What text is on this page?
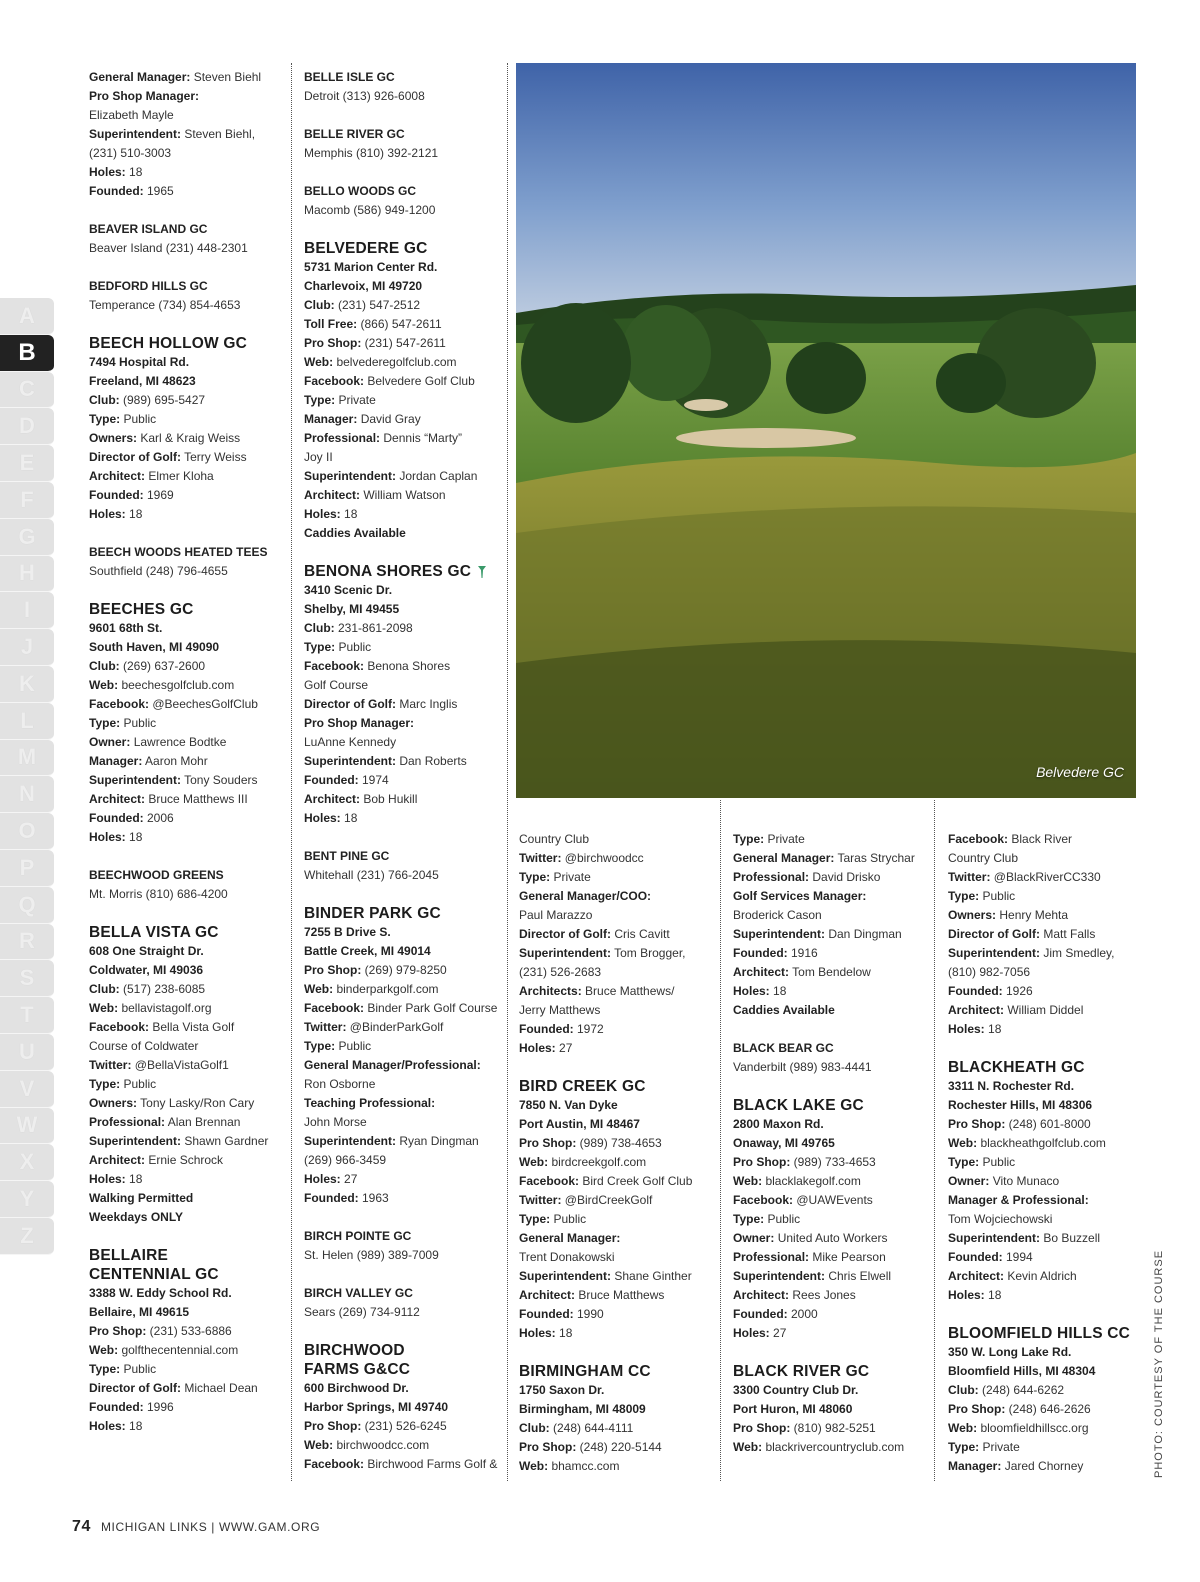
A
B
C
D
E
F
G
H
I
J
K
L
M
N
O
P
Q
R
S
T
U
V
W
X
Y
Z
General Manager: Steven Biehl
Pro Shop Manager:
Elizabeth Mayle
Superintendent: Steven Biehl,
(231) 510-3003
Holes: 18
Founded: 1965
BEAVER ISLAND GC
Beaver Island (231) 448-2301
BEDFORD HILLS GC
Temperance (734) 854-4653
BEECH HOLLOW GC
7494 Hospital Rd.
Freeland, MI 48623
Club: (989) 695-5427
Type: Public
Owners: Karl & Kraig Weiss
Director of Golf: Terry Weiss
Architect: Elmer Kloha
Founded: 1969
Holes: 18
BEECH WOODS HEATED TEES
Southfield (248) 796-4655
BEECHES GC
9601 68th St.
South Haven, MI 49090
Club: (269) 637-2600
Web: beechesgolfclub.com
Facebook: @BeechesGolfClub
Type: Public
Owner: Lawrence Bodtke
Manager: Aaron Mohr
Superintendent: Tony Souders
Architect: Bruce Matthews III
Founded: 2006
Holes: 18
BEECHWOOD GREENS
Mt. Morris (810) 686-4200
BELLA VISTA GC
608 One Straight Dr.
Coldwater, MI 49036
Club: (517) 238-6085
Web: bellavistagolf.org
Facebook: Bella Vista Golf
Course of Coldwater
Twitter: @BellaVistaGolf1
Type: Public
Owners: Tony Lasky/Ron Cary
Professional: Alan Brennan
Superintendent: Shawn Gardner
Architect: Ernie Schrock
Holes: 18
Walking Permitted
Weekdays ONLY
BELLAIRE
CENTENNIAL GC
3388 W. Eddy School Rd.
Bellaire, MI 49615
Pro Shop: (231) 533-6886
Web: golfthecentennial.com
Type: Public
Director of Golf: Michael Dean
Founded: 1996
Holes: 18
BELLE ISLE GC
Detroit (313) 926-6008
BELLE RIVER GC
Memphis (810) 392-2121
BELLO WOODS GC
Macomb (586) 949-1200
BELVEDERE GC
5731 Marion Center Rd.
Charlevoix, MI 49720
Club: (231) 547-2512
Toll Free: (866) 547-2611
Pro Shop: (231) 547-2611
Web: belvederegolfclub.com
Facebook: Belvedere Golf Club
Type: Private
Manager: David Gray
Professional: Dennis “Marty”
Joy II
Superintendent: Jordan Caplan
Architect: William Watson
Holes: 18
Caddies Available
BENONA SHORES GC
3410 Scenic Dr.
Shelby, MI 49455
Club: 231-861-2098
Type: Public
Facebook: Benona Shores
Golf Course
Director of Golf: Marc Inglis
Pro Shop Manager:
LuAnne Kennedy
Superintendent: Dan Roberts
Founded: 1974
Architect: Bob Hukill
Holes: 18
BENT PINE GC
Whitehall (231) 766-2045
BINDER PARK GC
7255 B Drive S.
Battle Creek, MI 49014
Pro Shop: (269) 979-8250
Web: binderparkgolf.com
Facebook: Binder Park Golf Course
Twitter: @BinderParkGolf
Type: Public
General Manager/Professional:
Ron Osborne
Teaching Professional:
John Morse
Superintendent: Ryan Dingman
(269) 966-3459
Holes: 27
Founded: 1963
BIRCH POINTE GC
St. Helen (989) 389-7009
BIRCH VALLEY GC
Sears (269) 734-9112
BIRCHWOOD
FARMS G&CC
600 Birchwood Dr.
Harbor Springs, MI 49740
Pro Shop: (231) 526-6245
Web: birchwoodcc.com
Facebook: Birchwood Farms Golf &
Country Club
Twitter: @birchwoodcc
Type: Private
General Manager/COO:
Paul Marazzo
Director of Golf: Cris Cavitt
Superintendent: Tom Brogger,
(231) 526-2683
Architects: Bruce Matthews/
Jerry Matthews
Founded: 1972
Holes: 27
BIRD CREEK GC
7850 N. Van Dyke
Port Austin, MI 48467
Pro Shop: (989) 738-4653
Web: birdcreekgolf.com
Facebook: Bird Creek Golf Club
Twitter: @BirdCreekGolf
Type: Public
General Manager:
Trent Donakowski
Superintendent: Shane Ginther
Architect: Bruce Matthews
Founded: 1990
Holes: 18
BIRMINGHAM CC
1750 Saxon Dr.
Birmingham, MI 48009
Club: (248) 644-4111
Pro Shop: (248) 220-5144
Web: bhamcc.com
Type: Private
General Manager: Taras Strychar
Professional: David Drisko
Golf Services Manager:
Broderick Cason
Superintendent: Dan Dingman
Founded: 1916
Architect: Tom Bendelow
Holes: 18
Caddies Available
BLACK BEAR GC
Vanderbilt (989) 983-4441
BLACK LAKE GC
2800 Maxon Rd.
Onaway, MI 49765
Pro Shop: (989) 733-4653
Web: blacklakegolf.com
Facebook: @UAWEvents
Type: Public
Owner: United Auto Workers
Professional: Mike Pearson
Superintendent: Chris Elwell
Architect: Rees Jones
Founded: 2000
Holes: 27
BLACK RIVER GC
3300 Country Club Dr.
Port Huron, MI 48060
Pro Shop: (810) 982-5251
Web: blackrivercountryclub.com
Facebook: Black River
Country Club
Twitter: @BlackRiverCC330
Type: Public
Owners: Henry Mehta
Director of Golf: Matt Falls
Superintendent: Jim Smedley,
(810) 982-7056
Founded: 1926
Architect: William Diddel
Holes: 18
BLACKHEATH GC
3311 N. Rochester Rd.
Rochester Hills, MI 48306
Pro Shop: (248) 601-8000
Web: blackheathgolfclub.com
Type: Public
Owner: Vito Munaco
Manager & Professional:
Tom Wojciechowski
Superintendent: Bo Buzzell
Founded: 1994
Architect: Kevin Aldrich
Holes: 18
BLOOMFIELD HILLS CC
350 W. Long Lake Rd.
Bloomfield Hills, MI 48304
Club: (248) 644-6262
Pro Shop: (248) 646-2626
Web: bloomfieldhillscc.org
Type: Private
Manager: Jared Chorney
Belvedere GC
74 MICHIGAN LINKS | WWW.GAM.ORG
PHOTO: COURTESY OF THE COURSE
